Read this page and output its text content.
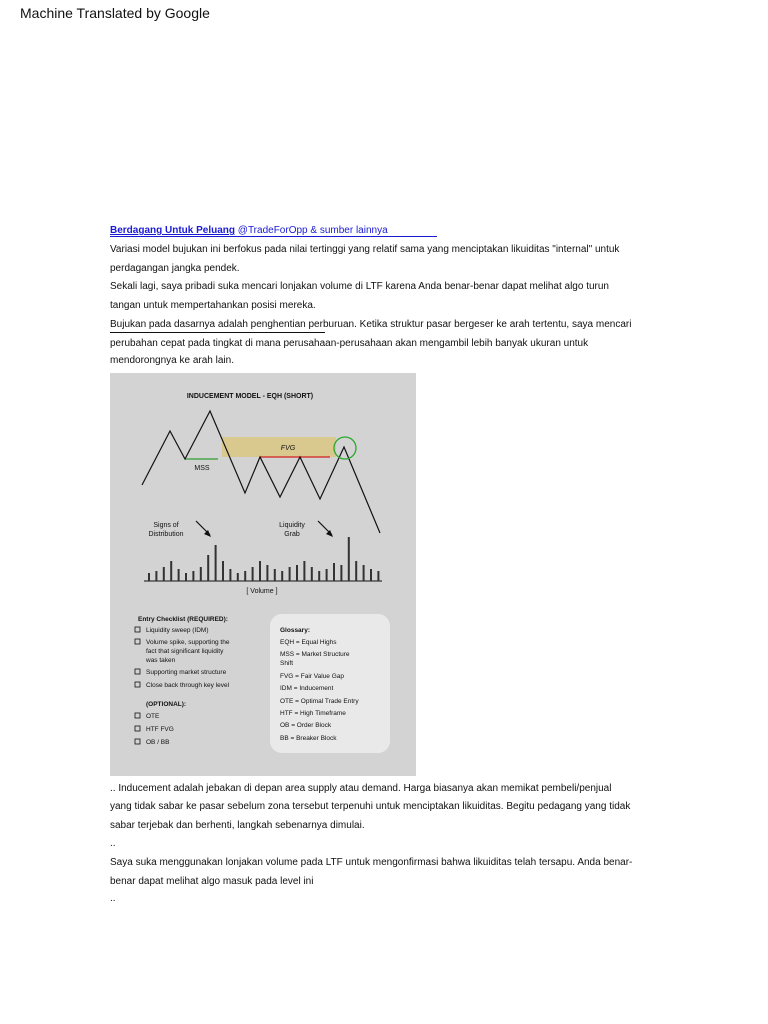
Machine Translated by Google
Berdagang Untuk Peluang @TradeForOpp & sumber lainnya
Variasi model bujukan ini berfokus pada nilai tertinggi yang relatif sama yang menciptakan likuiditas "internal" untuk
perdagangan jangka pendek.
Sekali lagi, saya pribadi suka mencari lonjakan volume di LTF karena Anda benar-benar dapat melihat algo turun
tangan untuk mempertahankan posisi mereka.
Bujukan pada dasarnya adalah penghentian perburuan. Ketika struktur pasar bergeser ke arah tertentu, saya mencari
perubahan cepat pada tingkat di mana perusahaan-perusahaan akan mengambil lebih banyak ukuran untuk
mendorongnya ke arah lain.
INDUCEMENT MODEL - EQH (SHORT)
FVG
MSS
Signs of
Distribution
Liquidity
Grab
[ Volume ]
Entry Checklist (REQUIRED):
Liquidity sweep (IDM)
Volume spike, supporting the
fact that significant liquidity
was taken
Supporting market structure
Close back through key level
(OPTIONAL):
OTE
HTF FVG
OB / BB
Glossary:
EQH = Equal Highs
MSS = Market Structure
Shift
FVG = Fair Value Gap
IDM = Inducement
OTE = Optimal Trade Entry
HTF = High Timeframe
OB = Order Block
BB = Breaker Block
.. Inducement adalah jebakan di depan area supply atau demand. Harga biasanya akan memikat pembeli/penjual
yang tidak sabar ke pasar sebelum zona tersebut terpenuhi untuk menciptakan likuiditas. Begitu pedagang yang tidak
sabar terjebak dan berhenti, langkah sebenarnya dimulai.
..
Saya suka menggunakan lonjakan volume pada LTF untuk mengonfirmasi bahwa likuiditas telah tersapu. Anda benar-
benar dapat melihat algo masuk pada level ini
..
